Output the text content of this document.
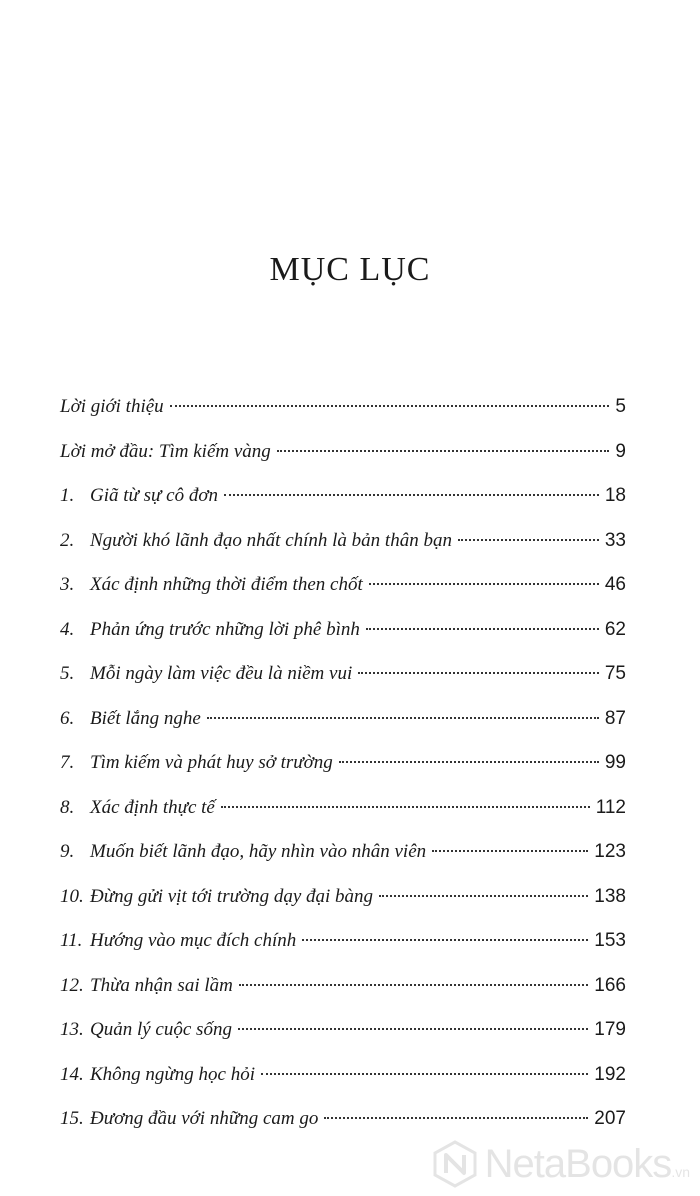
MỤC LỤC
Lời giới thiệu	5
Lời mở đầu: Tìm kiếm vàng	9
1. Giã từ sự cô đơn	18
2. Người khó lãnh đạo nhất chính là bản thân bạn	33
3. Xác định những thời điểm then chốt	46
4. Phản ứng trước những lời phê bình	62
5. Mỗi ngày làm việc đều là niềm vui	75
6. Biết lắng nghe	87
7. Tìm kiếm và phát huy sở trường	99
8. Xác định thực tế	112
9. Muốn biết lãnh đạo, hãy nhìn vào nhân viên	123
10. Đừng gửi vịt tới trường dạy đại bàng	138
11. Hướng vào mục đích chính	153
12. Thừa nhận sai lầm	166
13. Quản lý cuộc sống	179
14. Không ngừng học hỏi	192
15. Đương đầu với những cam go	207
NetaBooks .vn
